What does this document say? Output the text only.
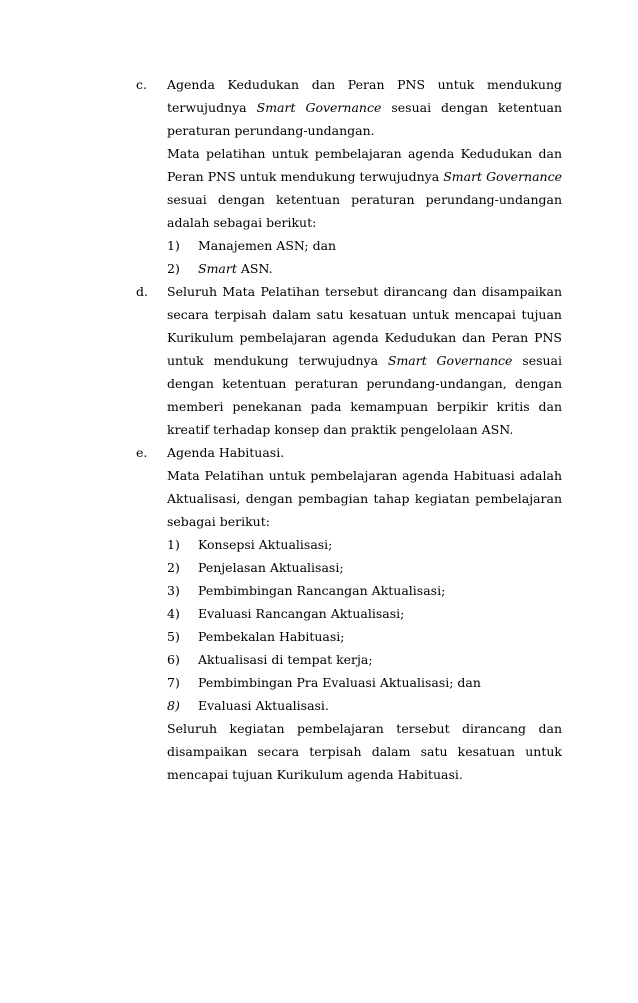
c. Agenda Kedudukan dan Peran PNS untuk mendukung
terwujudnya Smart Governance sesuai dengan ketentuan
peraturan perundang-undangan.
Mata pelatihan untuk pembelajaran agenda Kedudukan dan
Peran PNS untuk mendukung terwujudnya Smart Governance
sesuai dengan ketentuan peraturan perundang-undangan
adalah sebagai berikut:
1) Manajemen ASN; dan
2) Smart ASN.
d. Seluruh Mata Pelatihan tersebut dirancang dan disampaikan
secara terpisah dalam satu kesatuan untuk mencapai tujuan
Kurikulum pembelajaran agenda Kedudukan dan Peran PNS
untuk mendukung terwujudnya Smart Governance sesuai
dengan ketentuan peraturan perundang-undangan, dengan
memberi penekanan pada kemampuan berpikir kritis dan
kreatif terhadap konsep dan praktik pengelolaan ASN.
e. Agenda Habituasi.
Mata Pelatihan untuk pembelajaran agenda Habituasi adalah
Aktualisasi, dengan pembagian tahap kegiatan pembelajaran
sebagai berikut:
1) Konsepsi Aktualisasi;
2) Penjelasan Aktualisasi;
3) Pembimbingan Rancangan Aktualisasi;
4) Evaluasi Rancangan Aktualisasi;
5) Pembekalan Habituasi;
6) Aktualisasi di tempat kerja;
7) Pembimbingan Pra Evaluasi Aktualisasi; dan
8) Evaluasi Aktualisasi.
Seluruh kegiatan pembelajaran tersebut dirancang dan
disampaikan secara terpisah dalam satu kesatuan untuk
mencapai tujuan Kurikulum agenda Habituasi.
